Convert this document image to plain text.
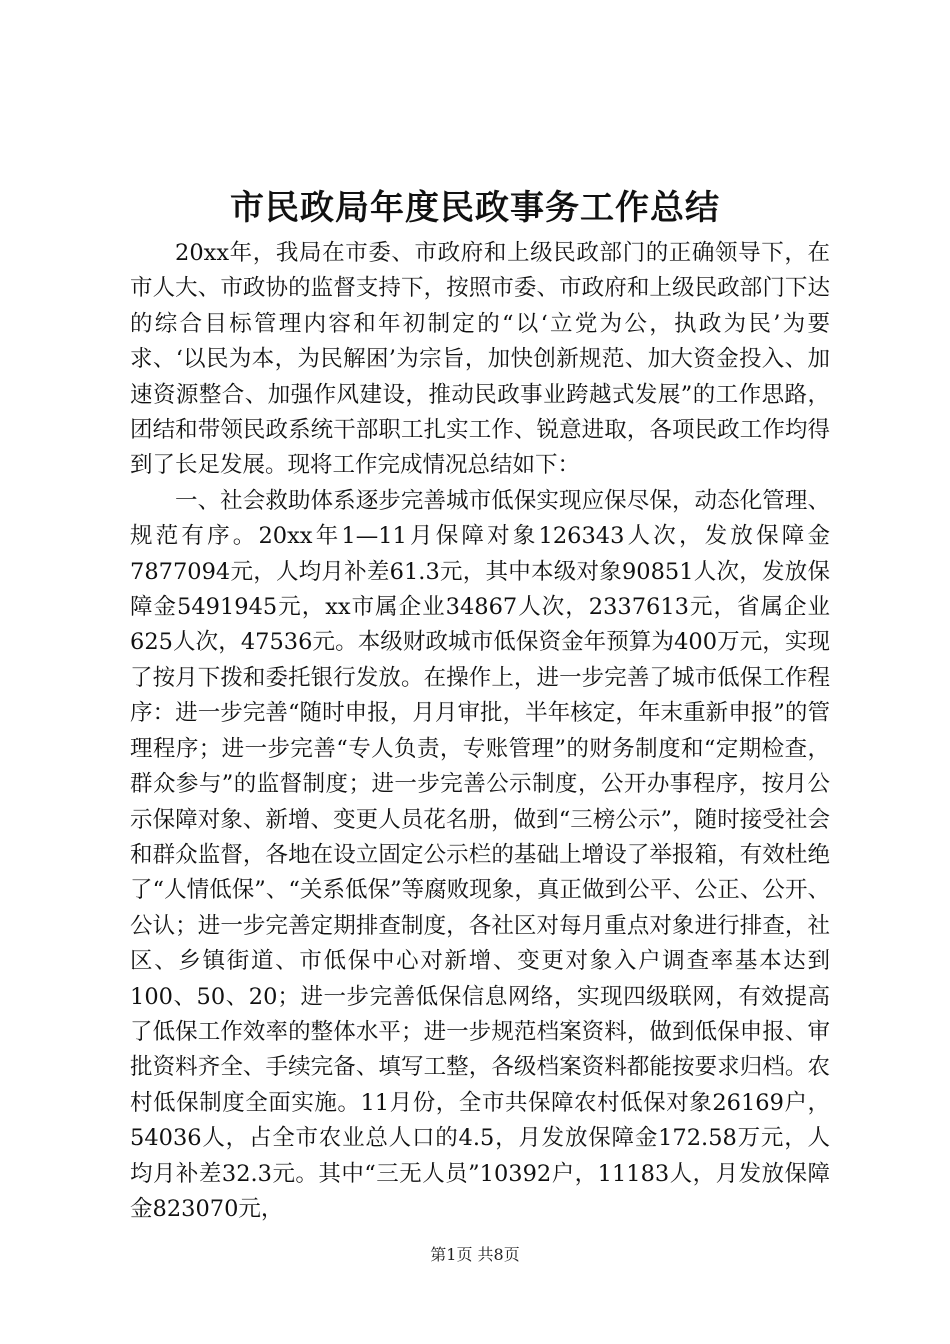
市民政局年度民政事务工作总结

20xx年，我局在市委、市政府和上级民政部门的正确领导下，在市人大、市政协的监督支持下，按照市委、市政府和上级民政部门下达的综合目标管理内容和年初制定的“以‘立党为公，执政为民’为要求、‘以民为本，为民解困’为宗旨，加快创新规范、加大资金投入、加速资源整合、加强作风建设，推动民政事业跨越式发展”的工作思路，团结和带领民政系统干部职工扎实工作、锐意进取，各项民政工作均得到了长足发展。现将工作完成情况总结如下：

一、社会救助体系逐步完善城市低保实现应保尽保，动态化管理、规范有序。20xx年1—11月保障对象126343人次，发放保障金7877094元，人均月补差61.3元，其中本级对象90851人次，发放保障金5491945元，xx市属企业34867人次，2337613元，省属企业625人次，47536元。本级财政城市低保资金年预算为400万元，实现了按月下拨和委托银行发放。在操作上，进一步完善了城市低保工作程序：进一步完善“随时申报，月月审批，半年核定，年末重新申报”的管理程序；进一步完善“专人负责，专账管理”的财务制度和“定期检查，群众参与”的监督制度；进一步完善公示制度，公开办事程序，按月公示保障对象、新增、变更人员花名册，做到“三榜公示”，随时接受社会和群众监督，各地在设立固定公示栏的基础上增设了举报箱，有效杜绝了“人情低保”、“关系低保”等腐败现象，真正做到公平、公正、公开、公认；进一步完善定期排查制度，各社区对每月重点对象进行排查，社区、乡镇街道、市低保中心对新增、变更对象入户调查率基本达到100、50、20；进一步完善低保信息网络，实现四级联网，有效提高了低保工作效率的整体水平；进一步规范档案资料，做到低保申报、审批资料齐全、手续完备、填写工整，各级档案资料都能按要求归档。农村低保制度全面实施。11月份，全市共保障农村低保对象26169户，54036人，占全市农业总人口的4.5，月发放保障金172.58万元，人均月补差32.3元。其中“三无人员”10392户，11183人，月发放保障金823070元，

第1页 共8页
